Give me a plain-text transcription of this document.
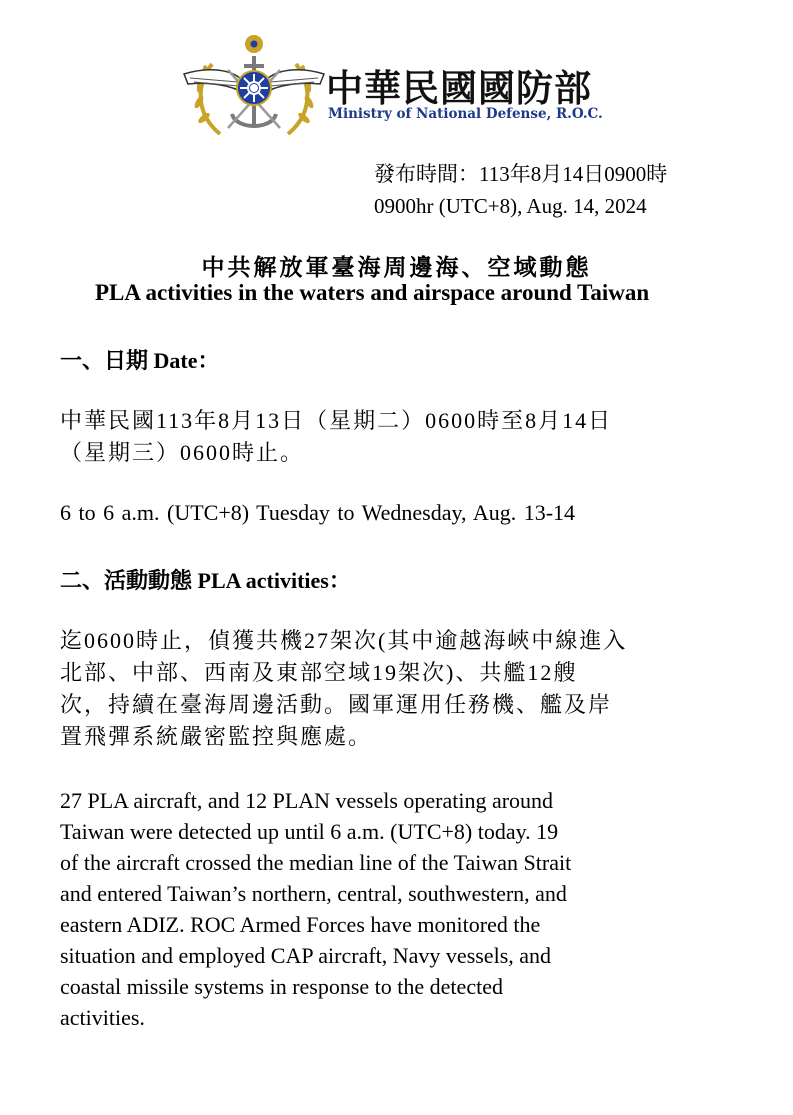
中華民國國防部
Ministry of National Defense, R.O.C.
發布時間：113年8月14日0900時
0900hr (UTC+8), Aug. 14, 2024
中共解放軍臺海周邊海、空域動態
PLA activities in the waters and airspace around Taiwan
一、日期 Date：
中華民國113年8月13日（星期二）0600時至8月14日
（星期三）0600時止。
6 to 6 a.m. (UTC+8) Tuesday to Wednesday, Aug. 13-14
二、活動動態 PLA activities：
迄0600時止，偵獲共機27架次(其中逾越海峽中線進入
北部、中部、西南及東部空域19架次)、共艦12艘
次，持續在臺海周邊活動。國軍運用任務機、艦及岸
置飛彈系統嚴密監控與應處。
27 PLA aircraft, and 12 PLAN vessels operating around
Taiwan were detected up until 6 a.m. (UTC+8) today. 19
of the aircraft crossed the median line of the Taiwan Strait
and entered Taiwan’s northern, central, southwestern, and
eastern ADIZ. ROC Armed Forces have monitored the
situation and employed CAP aircraft, Navy vessels, and
coastal missile systems in response to the detected
activities.
